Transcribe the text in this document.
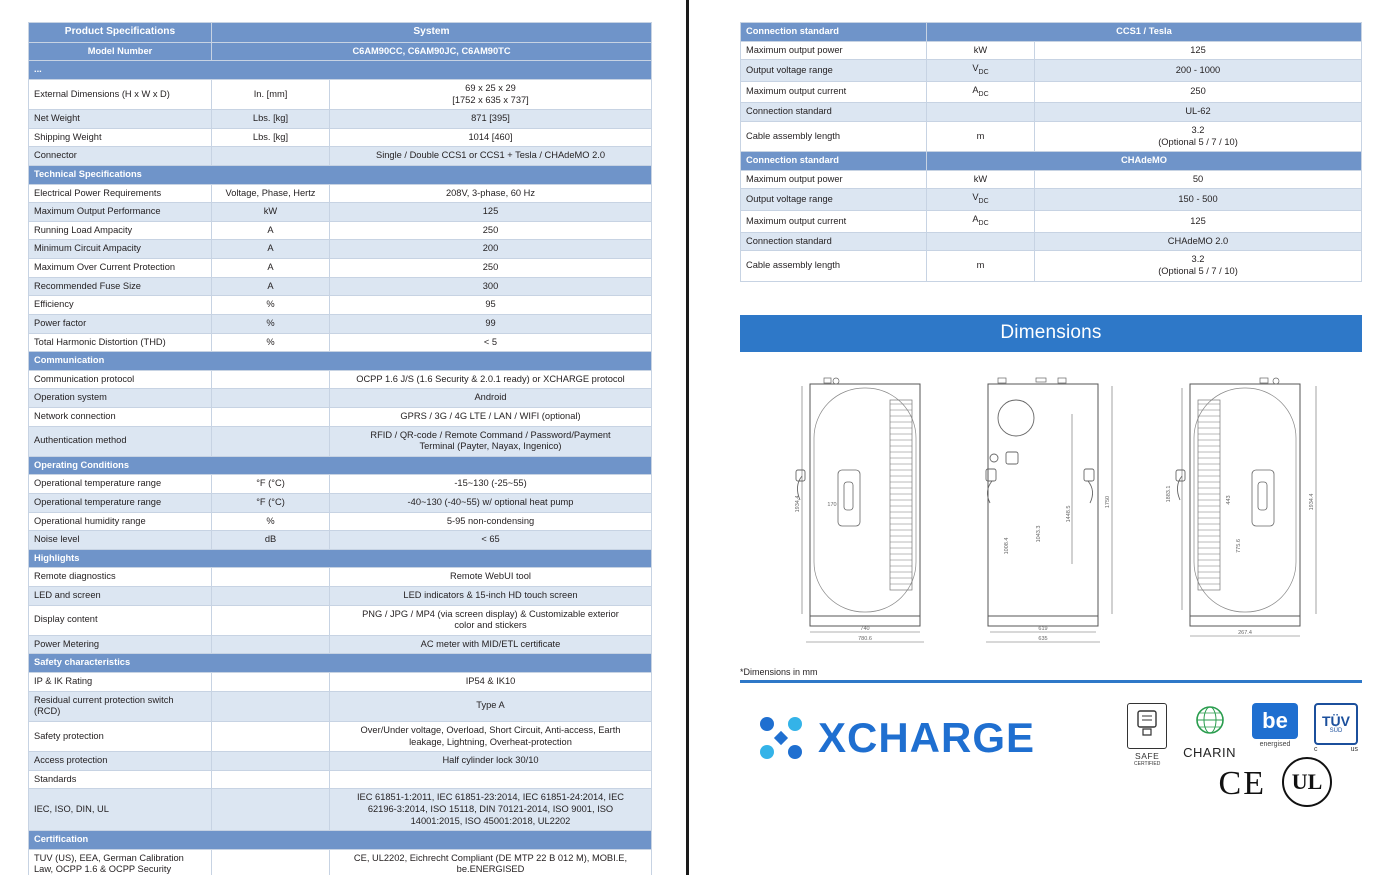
Product Specifications	System	
Model Number	C6AM90CC, C6AM90JC, C6AM90TC	
...		
External Dimensions (H x W x D)	In. [mm]	69 x 25 x 29
[1752 x 635 x 737]
Net Weight	Lbs. [kg]	871 [395]
Shipping Weight	Lbs. [kg]	1014 [460]
Connector		Single / Double CCS1 or CCS1 + Tesla / CHAdeMO 2.0
Technical Specifications		
Electrical Power Requirements	Voltage, Phase, Hertz	208V, 3-phase, 60 Hz
Maximum Output Performance	kW	125
Running Load Ampacity	A	250
Minimum Circuit Ampacity	A	200
Maximum Over Current Protection	A	250
Recommended Fuse Size	A	300
Efficiency	%	95
Power factor	%	99
Total Harmonic Distortion (THD)	%	< 5
Communication		
Communication protocol		OCPP 1.6 J/S (1.6 Security & 2.0.1 ready) or XCHARGE protocol
Operation system		Android
Network connection		GPRS / 3G / 4G LTE / LAN / WIFI (optional)
Authentication method		RFID / QR-code / Remote Command / Password/Payment
Terminal (Payter, Nayax, Ingenico)
Operating Conditions		
Operational temperature range	°F (°C)	-15~130 (-25~55)
Operational temperature range	°F (°C)	-40~130 (-40~55) w/ optional heat pump
Operational humidity range	%	5-95 non-condensing
Noise level	dB	< 65
Highlights		
Remote diagnostics		Remote WebUI tool
LED and screen		LED indicators & 15-inch HD touch screen
Display content		PNG / JPG / MP4 (via screen display) & Customizable exterior
color and stickers
Power Metering		AC meter with MID/ETL certificate
Safety characteristics		
IP & IK Rating		IP54 & IK10
Residual current protection switch
(RCD)		Type A
Safety protection		Over/Under voltage, Overload, Short Circuit, Anti-access, Earth
leakage, Lightning, Overheat-protection
Access protection		Half cylinder lock 30/10
Standards		
IEC, ISO, DIN, UL		IEC 61851-1:2011, IEC 61851-23:2014, IEC 61851-24:2014, IEC
62196-3:2014, ISO 15118, DIN 70121-2014, ISO 9001, ISO
14001:2015, ISO 45001:2018, UL2202
Certification		
TUV (US), EEA, German Calibration
Law, OCPP 1.6 & OCPP Security		CE, UL2202, Eichrecht Compliant (DE MTP 22 B 012 M), MOBI.E,
be.ENERGISED
Connection standard	CCS1 / Tesla	
Maximum output power	kW	125
Output voltage range	$V_{DC}$	200 - 1000
Maximum output current	$A_{DC}$	250
Connection standard		UL-62
Cable assembly length	m	3.2
(Optional 5 / 7 / 10)
Connection standard	CHAdeMO	
Maximum output power	kW	50
Output voltage range	$V_{DC}$	150 - 500
Maximum output current	$A_{DC}$	125
Connection standard		CHAdeMO 2.0
Cable assembly length	m	3.2
(Optional 5 / 7 / 10)
Dimensions
1934.4
740
780.6
170	1750
1448.5
1043.3
1008.4
619
635
1934.4
1883.1
775.6
443
267.4
*Dimensions in mm
XCHARGE	SAFE
CERTIFIED
CHARIN
be
energised
TÜV
SÜD
c	us
CE	UL
